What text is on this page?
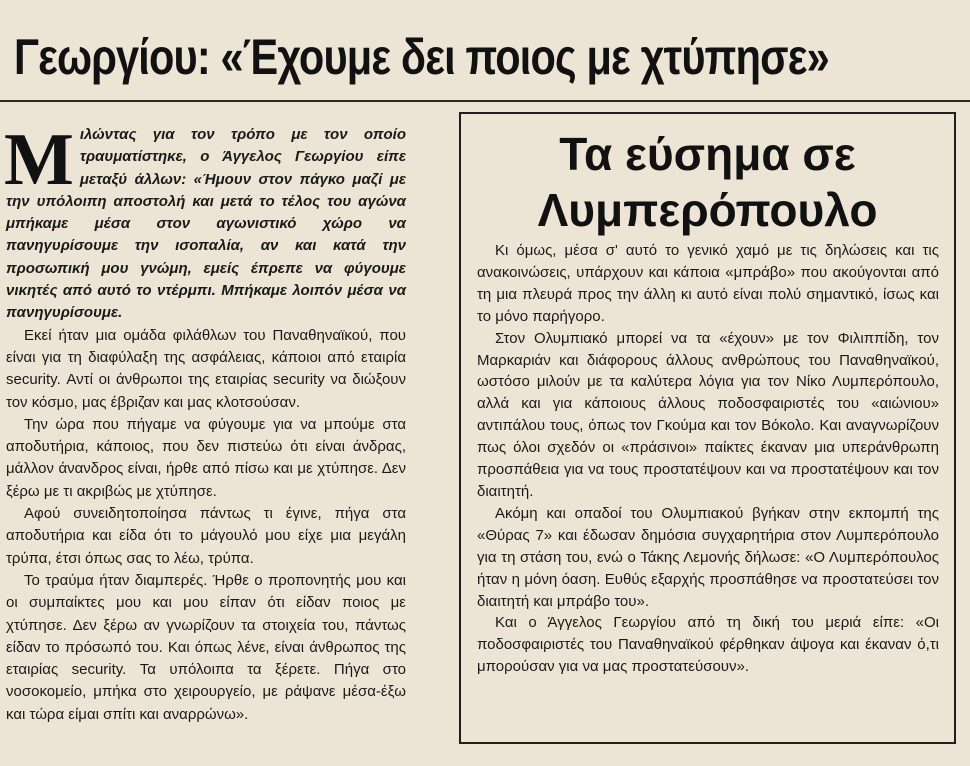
Γεωργίου: «Έχουμε δει ποιος με χτύπησε»

Μιλώντας για τον τρόπο με τον οποίο τραυματίστηκε, ο Άγγελος Γεωργίου είπε μεταξύ άλλων: «Ήμουν στον πάγκο μαζί με την υπόλοιπη αποστολή και μετά το τέλος του αγώνα μπήκαμε μέσα στον αγωνιστικό χώρο να πανηγυρίσουμε την ισοπαλία, αν και κατά την προσωπική μου γνώμη, εμείς έπρεπε να φύγουμε νικητές από αυτό το ντέρμπι. Μπήκαμε λοιπόν μέσα να πανηγυρίσουμε.

Εκεί ήταν μια ομάδα φιλάθλων του Παναθηναϊκού, που είναι για τη διαφύλαξη της ασφάλειας, κάποιοι από εταιρία security. Αντί οι άνθρωποι της εταιρίας security να διώξουν τον κόσμο, μας έβριζαν και μας κλοτσούσαν.

Την ώρα που πήγαμε να φύγουμε για να μπούμε στα αποδυτήρια, κάποιος, που δεν πιστεύω ότι είναι άνδρας, μάλλον άνανδρος είναι, ήρθε από πίσω και με χτύπησε. Δεν ξέρω με τι ακριβώς με χτύπησε.

Αφού συνειδητοποίησα πάντως τι έγινε, πήγα στα αποδυτήρια και είδα ότι το μάγουλό μου είχε μια μεγάλη τρύπα, έτσι όπως σας το λέω, τρύπα.

Το τραύμα ήταν διαμπερές. Ήρθε ο προπονητής μου και οι συμπαίκτες μου και μου είπαν ότι είδαν ποιος με χτύπησε. Δεν ξέρω αν γνωρίζουν τα στοιχεία του, πάντως είδαν το πρόσωπό του. Και όπως λένε, είναι άνθρωπος της εταιρίας security. Τα υπόλοιπα τα ξέρετε. Πήγα στο νοσοκομείο, μπήκα στο χειρουργείο, με ράψανε μέσα-έξω και τώρα είμαι σπίτι και αναρρώνω».

Τα εύσημα σε
Λυμπερόπουλο

Κι όμως, μέσα σ' αυτό το γενικό χαμό με τις δηλώσεις και τις ανακοινώσεις, υπάρχουν και κάποια «μπράβο» που ακούγονται από τη μια πλευρά προς την άλλη κι αυτό είναι πολύ σημαντικό, ίσως και το μόνο παρήγορο.

Στον Ολυμπιακό μπορεί να τα «έχουν» με τον Φιλιππίδη, τον Μαρκαριάν και διάφορους άλλους ανθρώπους του Παναθηναϊκού, ωστόσο μιλούν με τα καλύτερα λόγια για τον Νίκο Λυμπερόπουλο, αλλά και για κάποιους άλλους ποδοσφαιριστές του «αιώνιου» αντιπάλου τους, όπως τον Γκούμα και τον Βόκολο. Και αναγνωρίζουν πως όλοι σχεδόν οι «πράσινοι» παίκτες έκαναν μια υπεράνθρωπη προσπάθεια για να τους προστατέψουν και να προστατέψουν και τον διαιτητή.

Ακόμη και οπαδοί του Ολυμπιακού βγήκαν στην εκπομπή της «Θύρας 7» και έδωσαν δημόσια συγχαρητήρια στον Λυμπερόπουλο για τη στάση του, ενώ ο Τάκης Λεμονής δήλωσε: «Ο Λυμπερόπουλος ήταν η μόνη όαση. Ευθύς εξαρχής προσπάθησε να προστατεύσει τον διαιτητή και μπράβο του».

Και ο Άγγελος Γεωργίου από τη δική του μεριά είπε: «Οι ποδοσφαιριστές του Παναθηναϊκού φέρθηκαν άψογα και έκαναν ό,τι μπορούσαν για να μας προστατεύσουν».
